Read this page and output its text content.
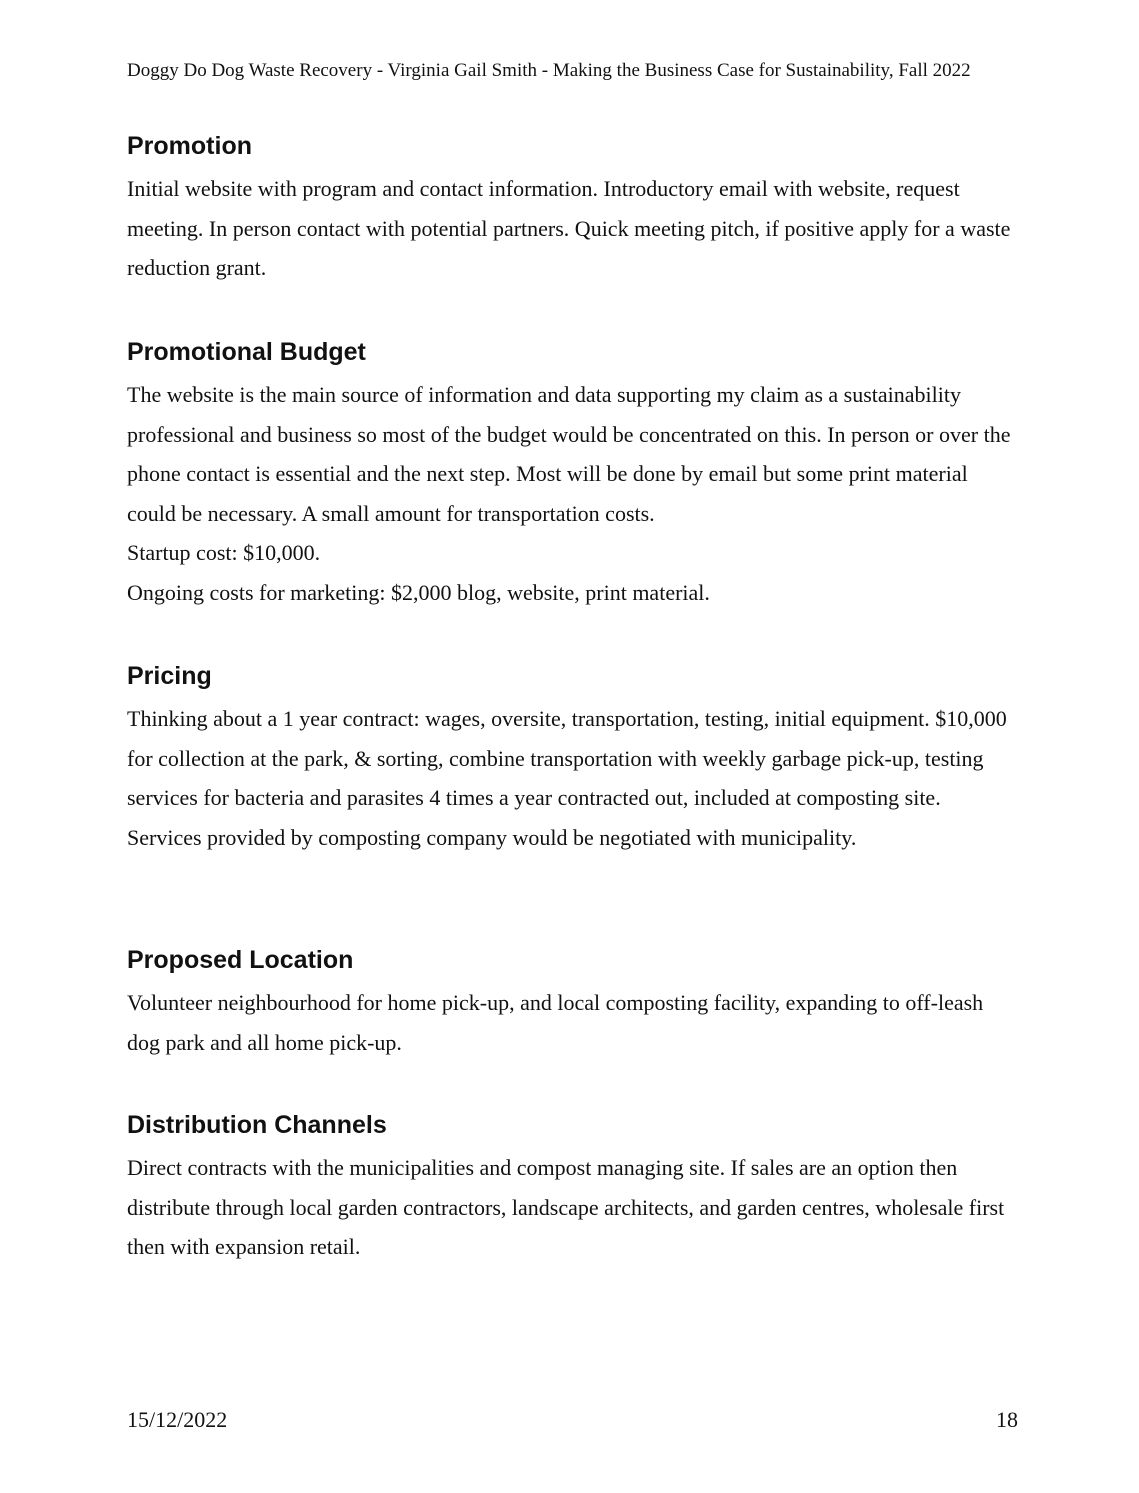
Doggy Do Dog Waste Recovery - Virginia Gail Smith - Making the Business Case for Sustainability, Fall 2022
Promotion

Initial website with program and contact information. Introductory email with website, request meeting. In person contact with potential partners. Quick meeting pitch, if positive apply for a waste reduction grant.

Promotional Budget

The website is the main source of information and data supporting my claim as a sustainability professional and business so most of the budget would be concentrated on this. In person or over the phone contact is essential and the next step. Most will be done by email but some print material could be necessary. A small amount for transportation costs.

Startup cost: $10,000.

Ongoing costs for marketing: $2,000 blog, website, print material.

Pricing

Thinking about a 1 year contract: wages, oversite, transportation, testing, initial equipment. $10,000 for collection at the park, & sorting, combine transportation with weekly garbage pick-up, testing services for bacteria and parasites 4 times a year contracted out, included at composting site. Services provided by composting company would be negotiated with municipality.

Proposed Location

Volunteer neighbourhood for home pick-up, and local composting facility, expanding to off-leash dog park and all home pick-up.

Distribution Channels

Direct contracts with the municipalities and compost managing site. If sales are an option then distribute through local garden contractors, landscape architects, and garden centres, wholesale first then with expansion retail.

15/12/2022	18
